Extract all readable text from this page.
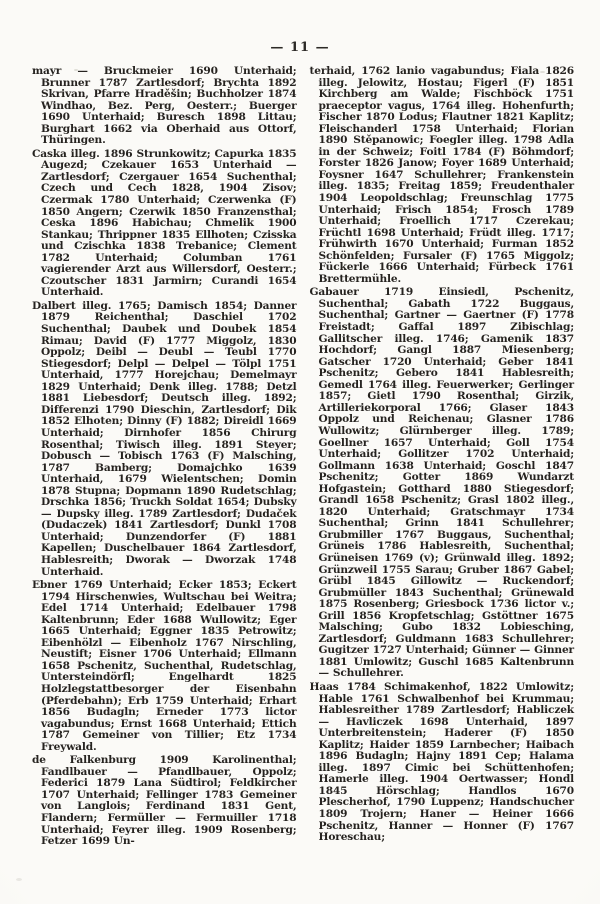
— 11 —

mayr — Bruckmeier 1690 Unterhaid; Brunner 1787 Zartlesdorf; Brychta 1892 Skrivan, Pfarre Hraděšin; Buchholzer 1874 Windhao, Bez. Perg, Oesterr.; Buerger 1690 Unterhaid; Buresch 1898 Littau; Burghart 1662 via Oberhaid aus Ottorf, Thüringen.

Caska illeg. 1896 Strunkowitz; Capurka 1835 Augezd; Czekauer 1653 Unterhaid — Zartlesdorf; Czergauer 1654 Suchenthal; Czech und Cech 1828, 1904 Zisov; Czermak 1780 Unterhaid; Czerwenka (F) 1850 Angern; Czerwik 1850 Franzensthal; Ceska 1896 Habichau; Chmelik 1900 Stankau; Thrippner 1835 Ellhoten; Czisska und Czischka 1838 Trebanice; Clement 1782 Unterhaid; Columban 1761 vagierender Arzt aus Willersdorf, Oesterr.; Czoutscher 1831 Jarmirn; Curandi 1654 Unterhaid.

Dalbert illeg. 1765; Damisch 1854; Danner 1879 Reichenthal; Daschiel 1702 Suchenthal; Daubek und Doubek 1854 Rimau; David (F) 1777 Miggolz, 1830 Oppolz; Deibl — Deubl — Teubl 1770 Stiegesdorf; Delpl — Delpel — Tölpl 1751 Unterhaid, 1777 Horejchau; Demelmayr 1829 Unterhaid; Denk illeg. 1788; Detzl 1881 Liebesdorf; Deutsch illeg. 1892; Differenzi 1790 Dieschin, Zartlesdorf; Dik 1852 Elhoten; Dinny (F) 1882; Direidl 1669 Unterhaid; Dirnhofer 1856 Chirurg Rosenthal; Tiwisch illeg. 1891 Steyer; Dobusch — Tobisch 1763 (F) Malsching, 1787 Bamberg; Domajchko 1639 Unterhaid, 1679 Wielentschen; Domin 1878 Stupna; Dopmann 1890 Rudetschlag; Drschka 1856; Truckh Soldat 1654; Dubsky — Dupsky illeg. 1789 Zartlesdorf; Dudaček (Dudaczek) 1841 Zartlesdorf; Dunkl 1708 Unterhaid; Dunzendorfer (F) 1881 Kapellen; Duschelbauer 1864 Zartlesdorf, Hablesreith; Dworak — Dworzak 1748 Unterhaid.

Ebner 1769 Unterhaid; Ecker 1853; Eckert 1794 Hirschenwies, Wultschau bei Weitra; Edel 1714 Unterhaid; Edelbauer 1798 Kaltenbrunn; Eder 1688 Wullowitz; Eger 1665 Unterhaid; Eggner 1835 Petrowitz; Eibenhölzl — Eibenholz 1767 Nirschling, Neustift; Eisner 1706 Unterhaid; Ellmann 1658 Pschenitz, Suchenthal, Rudetschlag, Untersteindörfl; Engelhardt 1825 Holzlegstattbesorger der Eisenbahn (Pferdebahn); Erb 1759 Unterhaid; Erhart 1856 Budagln; Erneder 1773 lictor vagabundus; Ernst 1668 Unterhaid; Ettich 1787 Gemeiner von Tillier; Etz 1734 Freywald.

de Falkenburg 1909 Karolinenthal; Fandlbauer — Pfandlbauer, Oppolz; Federici 1879 Lana Südtirol; Feldkircher 1707 Unterhaid; Fellinger 1783 Gemeiner von Langlois; Ferdinand 1831 Gent, Flandern; Fermüller — Fermuiller 1718 Unterhaid; Feyrer illeg. 1909 Rosenberg; Fetzer 1699 Un-

terhaid, 1762 lanio vagabundus; Fiala 1826 illeg. Jelowitz, Hostau; Figerl (F) 1851 Kirchberg am Walde; Fischböck 1751 praeceptor vagus, 1764 illeg. Hohenfurth; Fischer 1870 Lodus; Flautner 1821 Kaplitz; Fleischanderl 1758 Unterhaid; Florian 1890 Stěpanowic; Foegler illeg. 1798 Adla in der Schweiz; Foitl 1784 (F) Böhmdorf; Forster 1826 Janow; Foyer 1689 Unterhaid; Foysner 1647 Schullehrer; Frankenstein illeg. 1835; Freitag 1859; Freudenthaler 1904 Leopoldschlag; Freunschlag 1775 Unterhaid; Frisch 1854; Frosch 1789 Unterhaid; Froellich 1717 Czerekau; Früchtl 1698 Unterhaid; Früdt illeg. 1717; Frühwirth 1670 Unterhaid; Furman 1852 Schönfelden; Fursaler (F) 1765 Miggolz; Fückerle 1666 Unterhaid; Fürbeck 1761 Brettermühle.

Gabauer 1719 Einsiedl, Pschenitz, Suchenthal; Gabath 1722 Buggaus, Suchenthal; Gartner — Gaertner (F) 1778 Freistadt; Gaffal 1897 Zibischlag; Gallitscher illeg. 1746; Gamenik 1837 Hochdorf; Gangl 1887 Miesenberg; Gatscher 1720 Unterhaid; Geber 1841 Pschenitz; Gebero 1841 Hablesreith; Gemedl 1764 illeg. Feuerwerker; Gerlinger 1857; Gietl 1790 Rosenthal; Girzik, Artilleriekorporal 1766; Glaser 1843 Oppolz und Reichenau; Glasner 1786 Wullowitz; Glürnberger illeg. 1789; Goellner 1657 Unterhaid; Goll 1754 Unterhaid; Gollitzer 1702 Unterhaid; Gollmann 1638 Unterhaid; Goschl 1847 Pschenitz; Gotter 1869 Wundarzt Hofgastein; Gotthard 1880 Stiegesdorf; Grandl 1658 Pschenitz; Grasl 1802 illeg., 1820 Unterhaid; Gratschmayr 1734 Suchenthal; Grinn 1841 Schullehrer; Grubmiller 1767 Buggaus, Suchenthal; Grüneis 1786 Hablesreith, Suchenthal; Grüneisen 1769 (v); Grünwald illeg. 1892; Grünzweil 1755 Sarau; Gruber 1867 Gabel; Grübl 1845 Gillowitz — Ruckendorf; Grubmüller 1843 Suchenthal; Grünewald 1875 Rosenberg; Griesbock 1736 lictor v.; Grill 1856 Kropfetschlag; Gstöttner 1675 Malsching; Gubo 1832 Lobiesching, Zartlesdorf; Guldmann 1683 Schullehrer; Gugitzer 1727 Unterhaid; Günner — Ginner 1881 Umlowitz; Guschl 1685 Kaltenbrunn — Schullehrer.

Haas 1784 Schimakenhof, 1822 Umlowitz; Hable 1761 Schwalbenhof bei Krummau; Hablesreither 1789 Zartlesdorf; Habliczek — Havliczek 1698 Unterhaid, 1897 Unterbreitenstein; Haderer (F) 1850 Kaplitz; Haider 1859 Larnbecher; Haibach 1896 Budagln; Hajny 1891 Cep; Halama illeg. 1897 Cimic bei Schüttenhofen; Hamerle illeg. 1904 Oertwasser; Hondl 1845 Hörschlag; Handlos 1670 Plescherhof, 1790 Luppenz; Handschucher 1809 Trojern; Haner — Heiner 1666 Pschenitz, Hanner — Honner (F) 1767 Horeschau;
